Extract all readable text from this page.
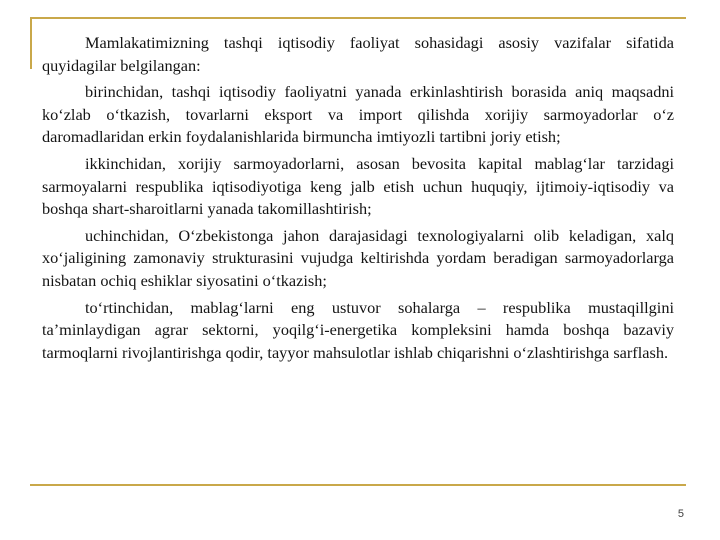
Mamlakatimizning tashqi iqtisodiy faoliyat sohasidagi asosiy vazifalar sifatida quyidagilar belgilangan:

birinchidan, tashqi iqtisodiy faoliyatni yanada erkinlashtirish borasida aniq maqsadni ko‘zlab o‘tkazish, tovarlarni eksport va import qilishda xorijiy sarmoyadorlar o‘z daromadlaridan erkin foydalanishlarida birmuncha imtiyozli tartibni joriy etish;

ikkinchidan, xorijiy sarmoyadorlarni, asosan bevosita kapital mablag‘lar tarzidagi sarmoyalarni respublika iqtisodiyotiga keng jalb etish uchun huquqiy, ijtimoiy-iqtisodiy va boshqa shart-sharoitlarni yanada takomillashtirish;

uchinchidan, O‘zbekistonga jahon darajasidagi texnologiyalarni olib keladigan, xalq xo‘jaligining zamonaviy strukturasini vujudga keltirishda yordam beradigan sarmoyadorlarga nisbatan ochiq eshiklar siyosatini o‘tkazish;

to‘rtinchidan, mablag‘larni eng ustuvor sohalarga – respublika mustaqillgini ta’minlaydigan agrar sektorni, yoqilg‘i-energetika kompleksini hamda boshqa bazaviy tarmoqlarni rivojlantirishga qodir, tayyor mahsulotlar ishlab chiqarishni o‘zlashtirishga sarflash.

5
